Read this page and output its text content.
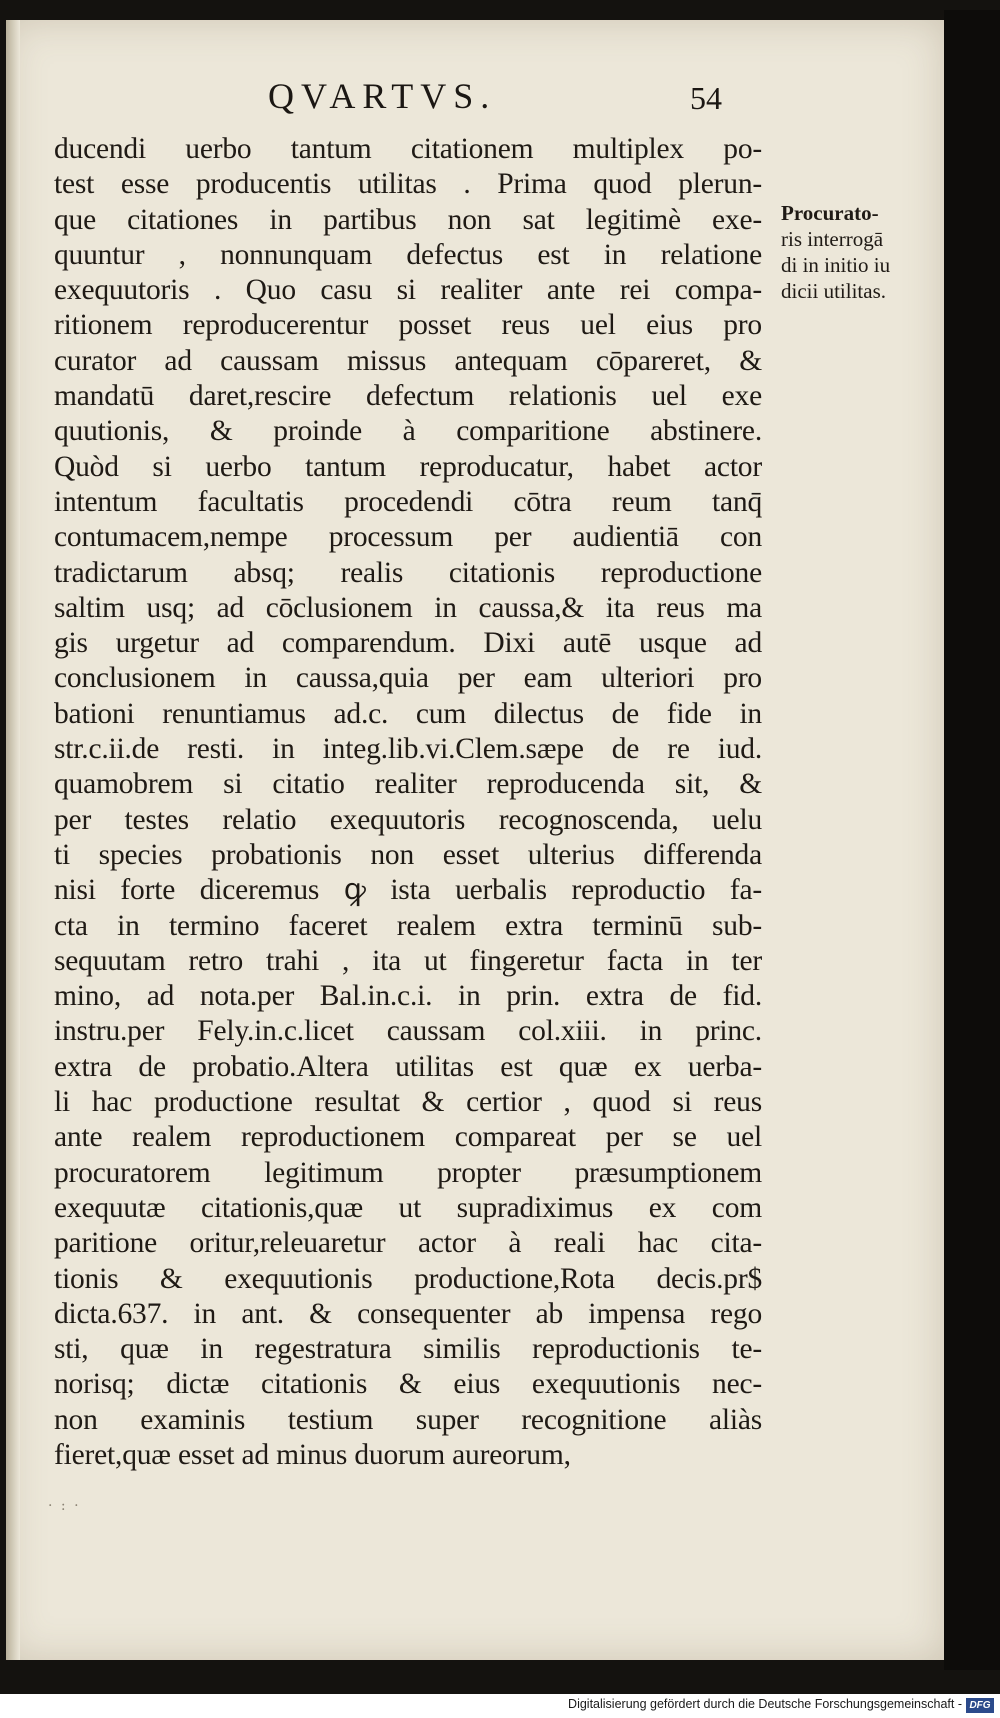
QVARTVS.	54
ducendi uerbo tantum citationem multiplex po-
test esse producentis utilitas . Prima quod plerun-
que citationes in partibus non sat legitimè exe-
quuntur , nonnunquam defectus est in relatione
exequutoris . Quo casu si realiter ante rei compa-
ritionem reproducerentur posset reus uel eius pro
curator ad caussam missus antequam cōpareret, &
mandatū daret,rescire defectum relationis uel exe
quutionis, & proinde à comparitione abstinere.
Quòd si uerbo tantum reproducatur, habet actor
intentum facultatis procedendi cōtra reum tanq̄
contumacem,nempe processum per audientiā con
tradictarum absq; realis citationis reproductione
saltim usq; ad cōclusionem in caussa,& ita reus ma
gis urgetur ad comparendum. Dixi autē usque ad
conclusionem in caussa,quia per eam ulteriori pro
bationi renuntiamus ad.c. cum dilectus de fide in
str.c.ii.de resti. in integ.lib.vi.Clem.sæpe de re iud.
quamobrem si citatio realiter reproducenda sit, &
per testes relatio exequutoris recognoscenda, uelu
ti species probationis non esset ulterius differenda
nisi forte diceremus ꝙ ista uerbalis reproductio fa-
cta in termino faceret realem extra terminū sub-
sequutam retro trahi , ita ut fingeretur facta in ter
mino, ad nota.per Bal.in.c.i. in prin. extra de fid.
instru.per Fely.in.c.licet caussam col.xiii. in princ.
extra de probatio.Altera utilitas est quæ ex uerba-
li hac productione resultat & certior , quod si reus
ante realem reproductionem compareat per se uel
procuratorem legitimum propter præsumptionem
exequutæ citationis,quæ ut supradiximus ex com
paritione oritur,releuaretur actor à reali hac cita-
tionis & exequutionis productione,Rota decis.pr$
dicta.637. in ant. & consequenter ab impensa rego
sti, quæ in regestratura similis reproductionis te-
norisq; dictæ citationis & eius exequutionis nec-
non examinis testium super recognitione aliàs
fieret,quæ esset ad minus duorum aureorum,
Procurato-
ris interrogā
di in initio iu
dicii utilitas.
· : ·
Digitalisierung gefördert durch die Deutsche Forschungsgemeinschaft - DFG
